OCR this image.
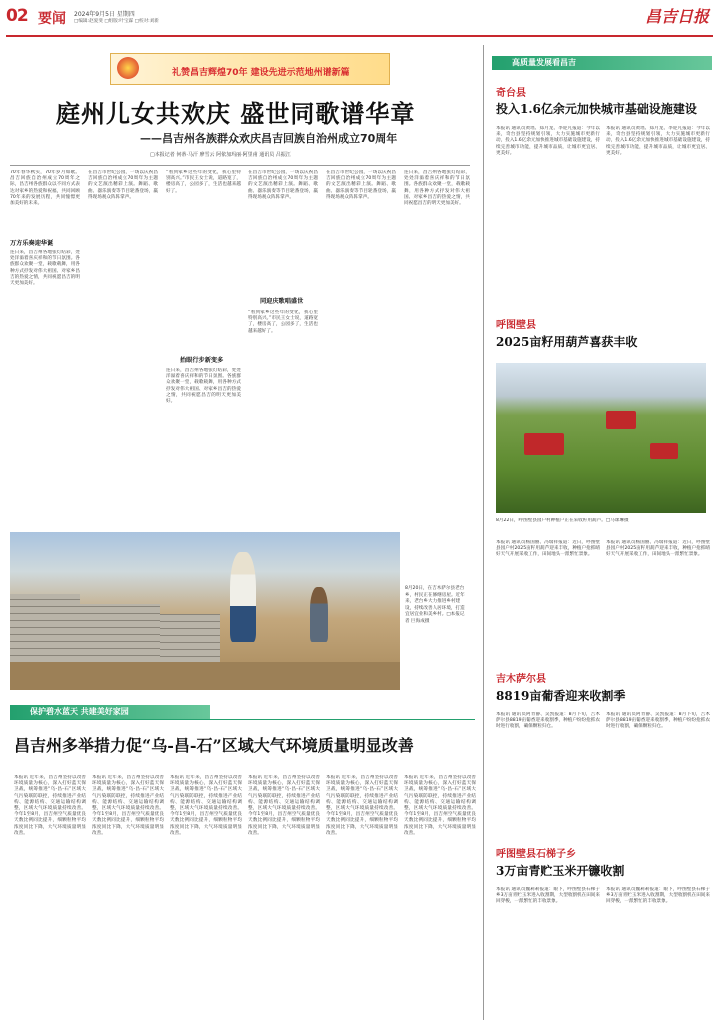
02 要闻 2024年9月5日 星期四
□编辑:赵爱斐 □组版:叶宝霖 □校对:刘新	昌吉日报
礼赞昌吉辉煌70年 建设先进示范地州谱新篇
庭州儿女共欢庆 盛世同歌谱华章
——昌吉州各族群众欢庆昌吉回族自治州成立70周年
□本报记者 何蒂·马汗 廖雪云 阿依加玛丽·阿里甫 通讯员 吕振江
70年春华秋实，70年岁月如歌。昌吉回族自治州成立70周年之际，昌吉州各族群众以不同方式表达对家乡的热爱和祝福，共同回顾70年来的发展历程，共同憧憬更加美好的未来。
万方乐奏迎华诞
连日来，昌吉州各地张灯结彩，处处洋溢着喜庆祥和的节日氛围。各族群众欢聚一堂，载歌载舞，用各种方式抒发对伟大祖国、对家乡昌吉的热爱之情，共同祝愿昌吉的明天更加美好。
在昌吉市世纪公园，一场以庆祝昌吉回族自治州成立70周年为主题的文艺演出精彩上演。舞蹈、歌曲、器乐演奏等节目轮番登场，赢得现场观众阵阵掌声。
“看到家乡这些年的变化，我心里特别高兴。”市民王女士说，道路宽了，楼房高了，公园多了，生活也越来越好了。
抬眼行步新变多
连日来，昌吉州各地张灯结彩，处处洋溢着喜庆祥和的节日氛围。各族群众欢聚一堂，载歌载舞，用各种方式抒发对伟大祖国、对家乡昌吉的热爱之情，共同祝愿昌吉的明天更加美好。
在昌吉市世纪公园，一场以庆祝昌吉回族自治州成立70周年为主题的文艺演出精彩上演。舞蹈、歌曲、器乐演奏等节目轮番登场，赢得现场观众阵阵掌声。
同迎庆歌唱盛世
“看到家乡这些年的变化，我心里特别高兴。”市民王女士说，道路宽了，楼房高了，公园多了，生活也越来越好了。
在昌吉市世纪公园，一场以庆祝昌吉回族自治州成立70周年为主题的文艺演出精彩上演。舞蹈、歌曲、器乐演奏等节目轮番登场，赢得现场观众阵阵掌声。
连日来，昌吉州各地张灯结彩，处处洋溢着喜庆祥和的节日氛围。各族群众欢聚一堂，载歌载舞，用各种方式抒发对伟大祖国、对家乡昌吉的热爱之情，共同祝愿昌吉的明天更加美好。
8月20日，在吉木萨尔县老台乡，村民正在修缮房屋。近年来，老台乡大力推进乡村建设，持续改善人居环境，打造宜居宜业和美乡村。□本报记者 巨海成摄
保护碧水蓝天 共建美好家园
昌吉州多举措力促“乌-昌-石”区域大气环境质量明显改善
本报讯 近年来，昌吉州坚持以改善环境质量为核心，深入打好蓝天保卫战，统筹推进“乌-昌-石”区域大气污染联防联控，持续推进产业结构、能源结构、交通运输结构调整，区域大气环境质量持续改善。今年1至8月，昌吉州空气质量优良天数比例同比提升，细颗粒物平均浓度同比下降，大气环境质量明显改善。
本报讯 近年来，昌吉州坚持以改善环境质量为核心，深入打好蓝天保卫战，统筹推进“乌-昌-石”区域大气污染联防联控，持续推进产业结构、能源结构、交通运输结构调整，区域大气环境质量持续改善。今年1至8月，昌吉州空气质量优良天数比例同比提升，细颗粒物平均浓度同比下降，大气环境质量明显改善。
本报讯 近年来，昌吉州坚持以改善环境质量为核心，深入打好蓝天保卫战，统筹推进“乌-昌-石”区域大气污染联防联控，持续推进产业结构、能源结构、交通运输结构调整，区域大气环境质量持续改善。今年1至8月，昌吉州空气质量优良天数比例同比提升，细颗粒物平均浓度同比下降，大气环境质量明显改善。
本报讯 近年来，昌吉州坚持以改善环境质量为核心，深入打好蓝天保卫战，统筹推进“乌-昌-石”区域大气污染联防联控，持续推进产业结构、能源结构、交通运输结构调整，区域大气环境质量持续改善。今年1至8月，昌吉州空气质量优良天数比例同比提升，细颗粒物平均浓度同比下降，大气环境质量明显改善。
本报讯 近年来，昌吉州坚持以改善环境质量为核心，深入打好蓝天保卫战，统筹推进“乌-昌-石”区域大气污染联防联控，持续推进产业结构、能源结构、交通运输结构调整，区域大气环境质量持续改善。今年1至8月，昌吉州空气质量优良天数比例同比提升，细颗粒物平均浓度同比下降，大气环境质量明显改善。
本报讯 近年来，昌吉州坚持以改善环境质量为核心，深入打好蓝天保卫战，统筹推进“乌-昌-石”区域大气污染联防联控，持续推进产业结构、能源结构、交通运输结构调整，区域大气环境质量持续改善。今年1至8月，昌吉州空气质量优良天数比例同比提升，细颗粒物平均浓度同比下降，大气环境质量明显改善。
高质量发展看昌吉
奇台县
投入1.6亿余元加快城市基础设施建设
本报讯 通讯员黄瑶、郑月龙、李迎凡报道：今年以来，奇台县坚持规划引领，大力实施城市更新行动，投入1.6亿余元加快推进城市基础设施建设，持续完善城市功能，提升城市品质，让城市更宜居、更美好。
本报讯 通讯员黄瑶、郑月龙、李迎凡报道：今年以来，奇台县坚持规划引领，大力实施城市更新行动，投入1.6亿余元加快推进城市基础设施建设，持续完善城市功能，提升城市品质，让城市更宜居、更美好。
呼图壁县
2025亩籽用葫芦喜获丰收
8月22日，呼图壁县园户村种植户正在采收籽用葫芦。□马课琳摄
本报讯 通讯员杨国丽、冯瑞祥报道：近日，呼图壁县园户村2025亩籽用葫芦迎来丰收，种植户抢抓晴好天气开展采收工作，田间地头一派繁忙景象。
本报讯 通讯员杨国丽、冯瑞祥报道：近日，呼图壁县园户村2025亩籽用葫芦迎来丰收，种植户抢抓晴好天气开展采收工作，田间地头一派繁忙景象。
吉木萨尔县
8819亩葡香迎来收割季
本报讯 通讯员阿肯静、吴凯报道：8月下旬，吉木萨尔县8819亩葡香迎来收割季，种植户纷纷抢抓农时进行收割，确保颗粒归仓。
本报讯 通讯员阿肯静、吴凯报道：8月下旬，吉木萨尔县8819亩葡香迎来收割季，种植户纷纷抢抓农时进行收割，确保颗粒归仓。
呼图壁县石梯子乡
3万亩青贮玉米开镰收割
本报讯 通讯员魏莉莉报道：眼下，呼图壁县石梯子乡3万亩青贮玉米进入收割期，大型收割机在田间来回穿梭，一派繁忙的丰收景象。
本报讯 通讯员魏莉莉报道：眼下，呼图壁县石梯子乡3万亩青贮玉米进入收割期，大型收割机在田间来回穿梭，一派繁忙的丰收景象。
